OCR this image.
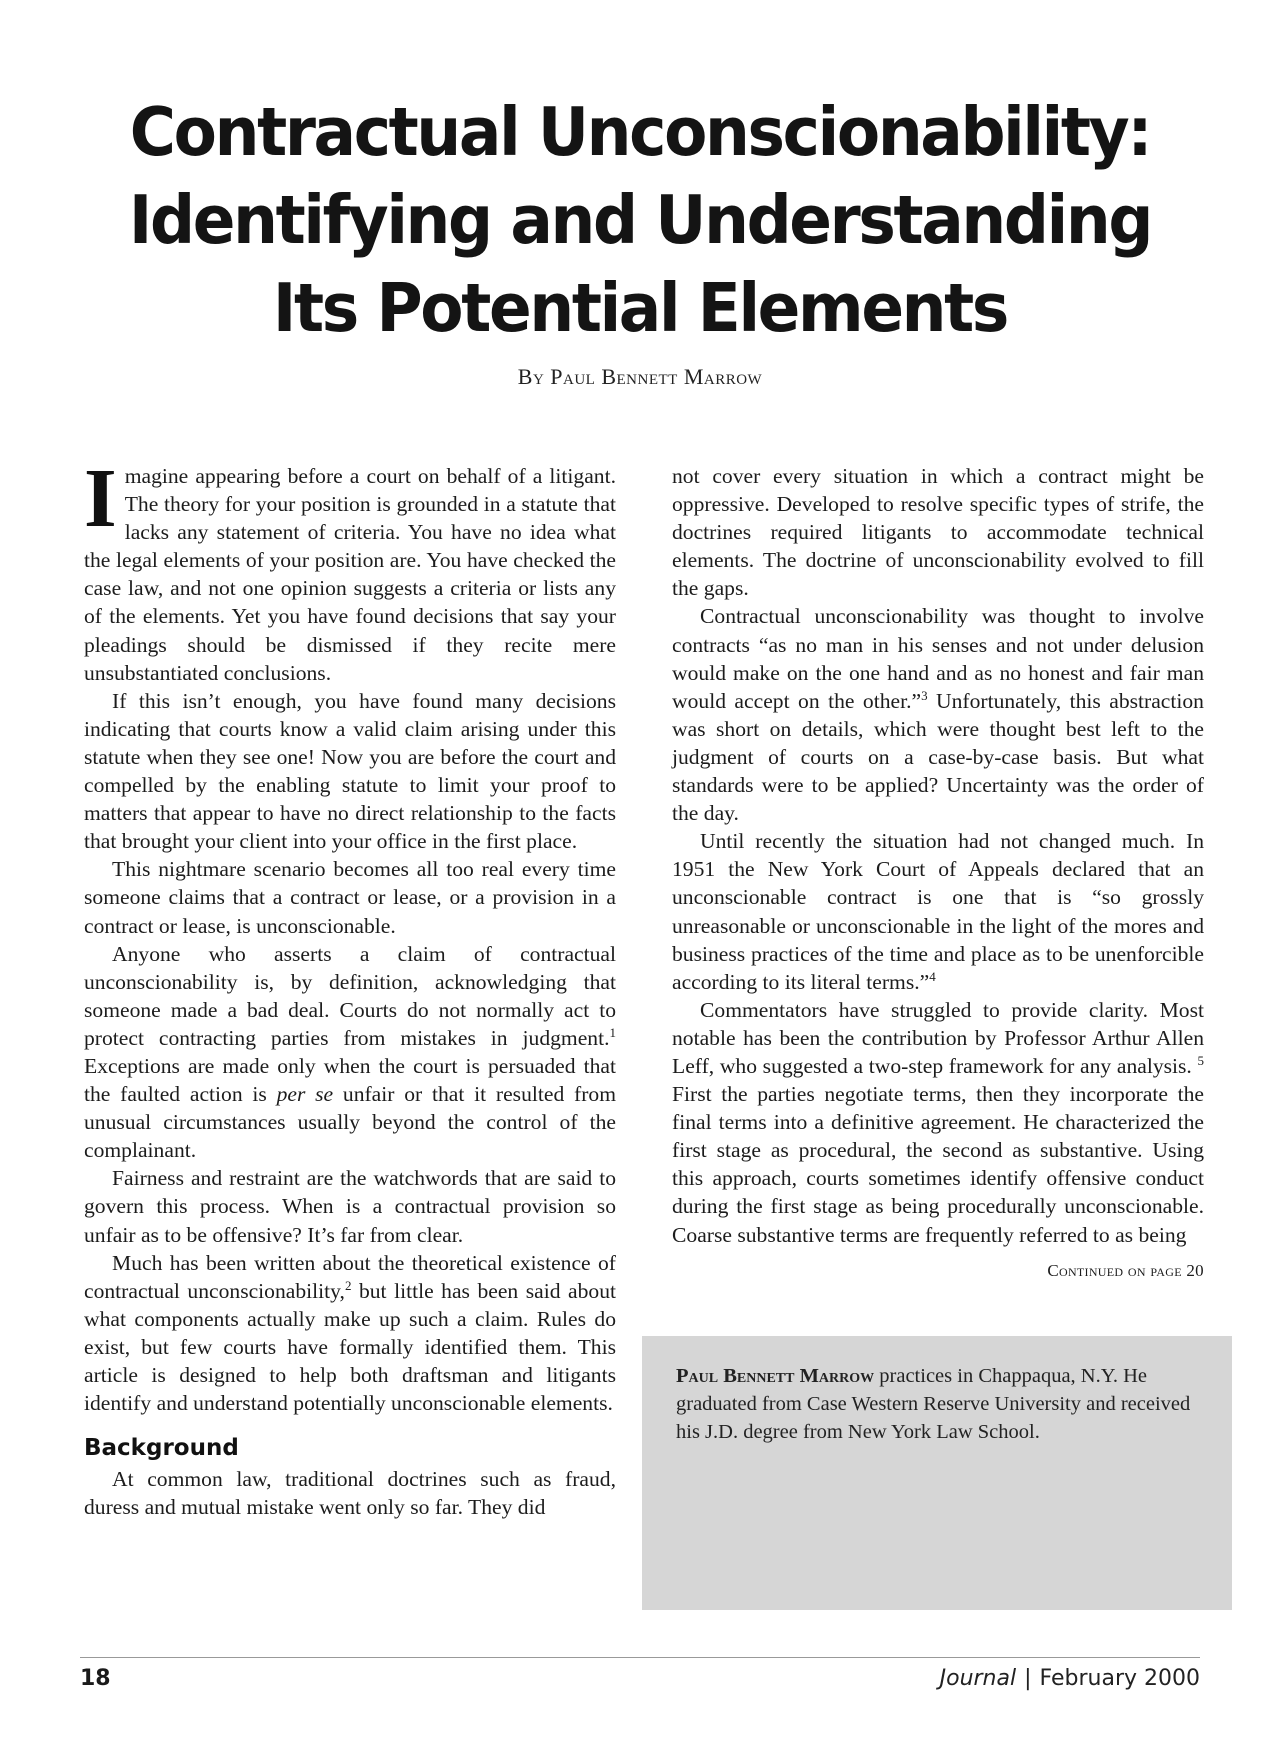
Contractual Unconscionability:
Identifying and Understanding
Its Potential Elements
By Paul Bennett Marrow

Imagine appearing before a court on behalf of a litigant. The theory for your position is grounded in a statute that lacks any statement of criteria. You have no idea what the legal elements of your position are. You have checked the case law, and not one opinion suggests a criteria or lists any of the elements. Yet you have found decisions that say your pleadings should be dismissed if they recite mere unsubstantiated conclusions.

If this isn’t enough, you have found many decisions indicating that courts know a valid claim arising under this statute when they see one! Now you are before the court and compelled by the enabling statute to limit your proof to matters that appear to have no direct relationship to the facts that brought your client into your office in the first place.

This nightmare scenario becomes all too real every time someone claims that a contract or lease, or a provision in a contract or lease, is unconscionable.

Anyone who asserts a claim of contractual unconscionability is, by definition, acknowledging that someone made a bad deal. Courts do not normally act to protect contracting parties from mistakes in judgment.$^1$ Exceptions are made only when the court is persuaded that the faulted action is per se unfair or that it resulted from unusual circumstances usually beyond the control of the complainant.

Fairness and restraint are the watchwords that are said to govern this process. When is a contractual provision so unfair as to be offensive? It’s far from clear.

Much has been written about the theoretical existence of contractual unconscionability,$^2$ but little has been said about what components actually make up such a claim. Rules do exist, but few courts have formally identified them. This article is designed to help both draftsman and litigants identify and understand potentially unconscionable elements.

Background

At common law, traditional doctrines such as fraud, duress and mutual mistake went only so far. They did

not cover every situation in which a contract might be oppressive. Developed to resolve specific types of strife, the doctrines required litigants to accommodate technical elements. The doctrine of unconscionability evolved to fill the gaps.

Contractual unconscionability was thought to involve contracts “as no man in his senses and not under delusion would make on the one hand and as no honest and fair man would accept on the other.”$^3$ Unfortunately, this abstraction was short on details, which were thought best left to the judgment of courts on a case-by-case basis. But what standards were to be applied? Uncertainty was the order of the day.

Until recently the situation had not changed much. In 1951 the New York Court of Appeals declared that an unconscionable contract is one that is “so grossly unreasonable or unconscionable in the light of the mores and business practices of the time and place as to be unenforcible according to its literal terms.”$^4$

Commentators have struggled to provide clarity. Most notable has been the contribution by Professor Arthur Allen Leff, who suggested a two-step framework for any analysis. $^5$ First the parties negotiate terms, then they incorporate the final terms into a definitive agreement. He characterized the first stage as procedural, the second as substantive. Using this approach, courts sometimes identify offensive conduct during the first stage as being procedurally unconscionable. Coarse substantive terms are frequently referred to as being

Continued on page 20
Paul Bennett Marrow practices in Chappaqua, N.Y. He graduated from Case Western Reserve University and received his J.D. degree from New York Law School.
18	Journal | February 2000
